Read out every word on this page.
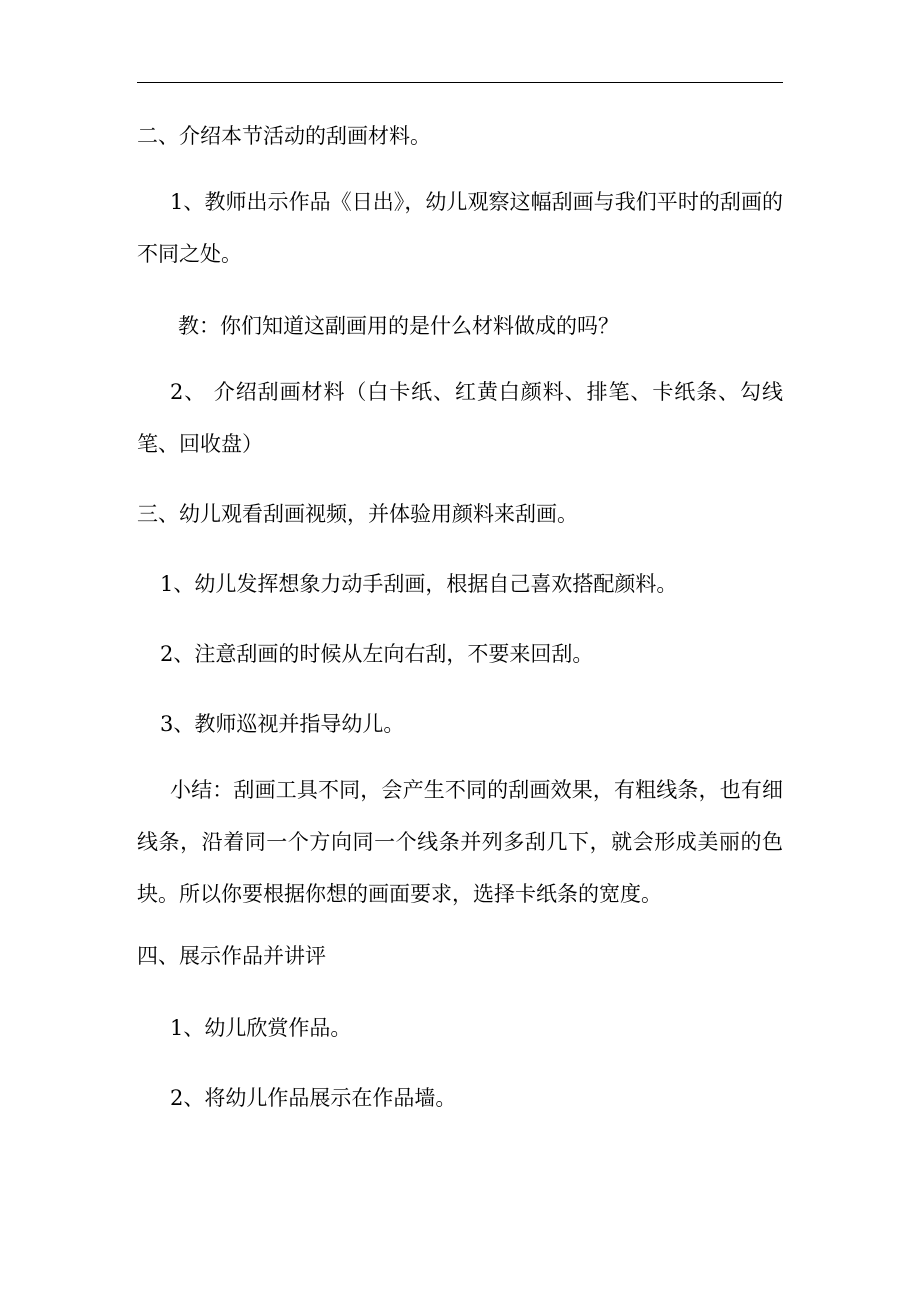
二、介绍本节活动的刮画材料。

1、教师出示作品《日出》，幼儿观察这幅刮画与我们平时的刮画的不同之处。

教：你们知道这副画用的是什么材料做成的吗？

2、 介绍刮画材料（白卡纸、红黄白颜料、排笔、卡纸条、勾线笔、回收盘）

三、幼儿观看刮画视频，并体验用颜料来刮画。

1、幼儿发挥想象力动手刮画，根据自己喜欢搭配颜料。

2、注意刮画的时候从左向右刮，不要来回刮。

3、教师巡视并指导幼儿。

小结：刮画工具不同，会产生不同的刮画效果，有粗线条，也有细线条，沿着同一个方向同一个线条并列多刮几下，就会形成美丽的色块。所以你要根据你想的画面要求，选择卡纸条的宽度。

四、展示作品并讲评

1、幼儿欣赏作品。

2、将幼儿作品展示在作品墙。
